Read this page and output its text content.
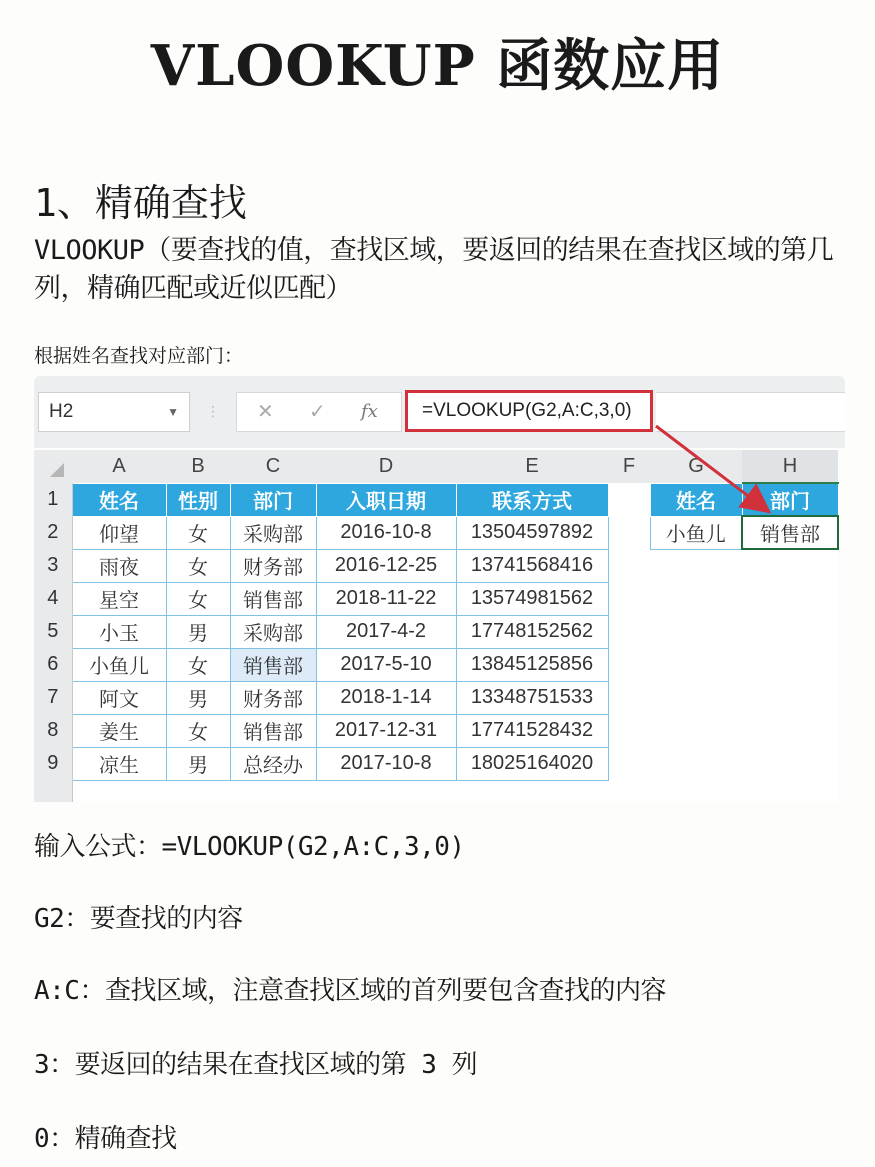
VLOOKUP 函数应用
1、精确查找
VLOOKUP（要查找的值，查找区域，要返回的结果在查找区域的第几列，精确匹配或近似匹配）
根据姓名查找对应部门：
H2	▼ ⋮ ✕ ✓ fx	=VLOOKUP(G2,A:C,3,0)
	A	B	C	D	E	F	G	H
1	姓名	性别	部门	入职日期	联系方式		姓名	部门
2	仰望	女	采购部	2016-10-8	13504597892		小鱼儿	销售部
3	雨夜	女	财务部	2016-12-25	13741568416			
4	星空	女	销售部	2018-11-22	13574981562			
5	小玉	男	采购部	2017-4-2	17748152562			
6	小鱼儿	女	销售部	2017-5-10	13845125856			
7	阿文	男	财务部	2018-1-14	13348751533			
8	姜生	女	销售部	2017-12-31	17741528432			
9	凉生	男	总经办	2017-10-8	18025164020			

输入公式：=VLOOKUP(G2,A:C,3,0)
G2：要查找的内容
A:C：查找区域，注意查找区域的首列要包含查找的内容
3：要返回的结果在查找区域的第 3 列
0：精确查找
